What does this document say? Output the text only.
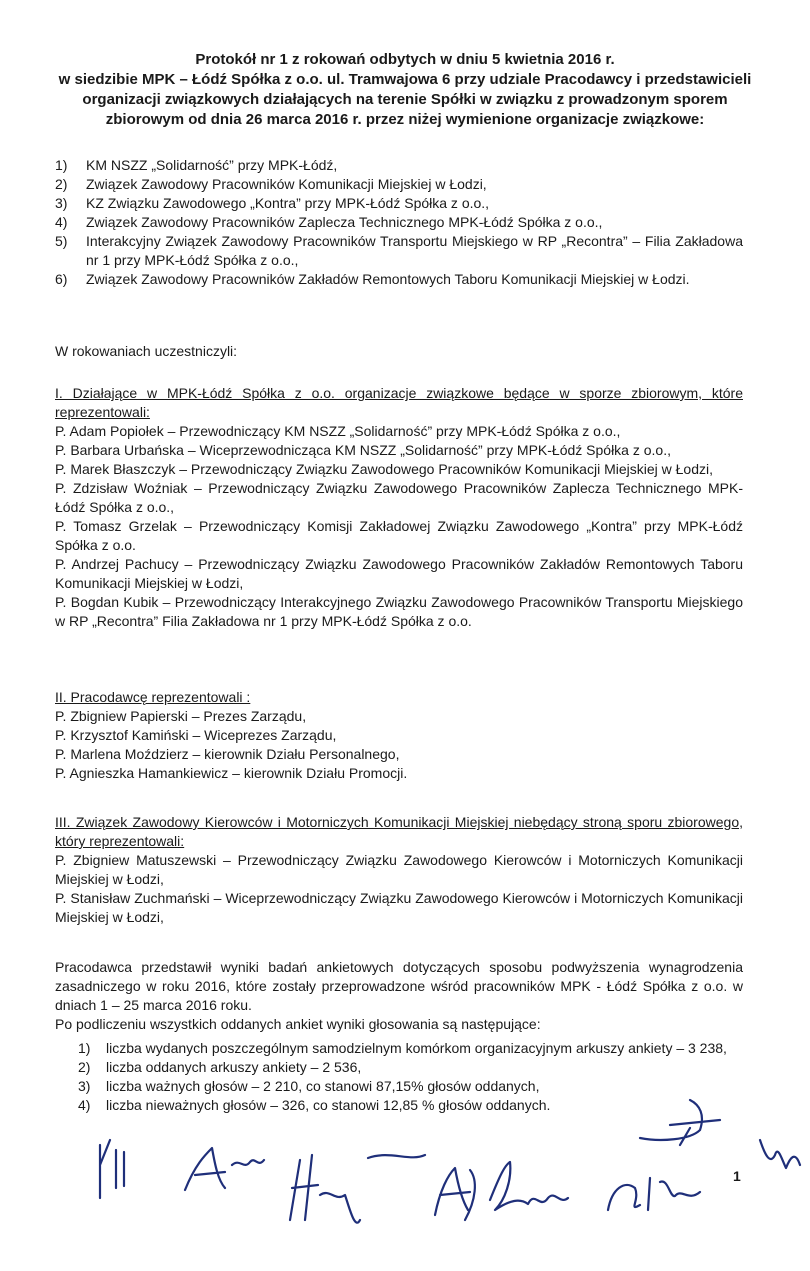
Protokół nr 1 z rokowań odbytych w dniu 5 kwietnia 2016 r.
w siedzibie MPK – Łódź Spółka z o.o. ul. Tramwajowa 6 przy udziale Pracodawcy i przedstawicieli
organizacji związkowych działających na terenie Spółki w związku z prowadzonym sporem
zbiorowym od dnia 26 marca 2016 r. przez niżej wymienione organizacje związkowe:
1)	KM NSZZ „Solidarność” przy MPK-Łódź,
2)	Związek Zawodowy Pracowników Komunikacji Miejskiej w Łodzi,
3)	KZ Związku Zawodowego „Kontra” przy MPK-Łódź Spółka z o.o.,
4)	Związek Zawodowy Pracowników Zaplecza Technicznego MPK-Łódź Spółka z o.o.,
5)	Interakcyjny Związek Zawodowy Pracowników Transportu Miejskiego w RP „Recontra” – Filia Zakładowa nr 1 przy MPK-Łódź Spółka z o.o.,
6)	Związek Zawodowy Pracowników Zakładów Remontowych Taboru Komunikacji Miejskiej w Łodzi.
W rokowaniach uczestniczyli:
I. Działające w MPK-Łódź Spółka z o.o. organizacje związkowe będące w sporze zbiorowym, które reprezentowali:
P. Adam Popiołek – Przewodniczący KM NSZZ „Solidarność” przy MPK-Łódź Spółka z o.o.,
P. Barbara Urbańska – Wiceprzewodnicząca KM NSZZ „Solidarność” przy MPK-Łódź Spółka z o.o.,
P. Marek Błaszczyk – Przewodniczący Związku Zawodowego Pracowników Komunikacji Miejskiej w Łodzi,
P. Zdzisław Woźniak – Przewodniczący Związku Zawodowego Pracowników Zaplecza Technicznego MPK-Łódź Spółka z o.o.,
P. Tomasz Grzelak – Przewodniczący Komisji Zakładowej Związku Zawodowego „Kontra” przy MPK-Łódź Spółka z o.o.
P. Andrzej Pachucy – Przewodniczący Związku Zawodowego Pracowników Zakładów Remontowych Taboru Komunikacji Miejskiej w Łodzi,
P. Bogdan Kubik – Przewodniczący Interakcyjnego Związku Zawodowego Pracowników Transportu Miejskiego w RP „Recontra” Filia Zakładowa nr 1 przy MPK-Łódź Spółka z o.o.
II. Pracodawcę reprezentowali :
P. Zbigniew Papierski – Prezes Zarządu,
P. Krzysztof Kamiński – Wiceprezes Zarządu,
P. Marlena Moździerz – kierownik Działu Personalnego,
P. Agnieszka Hamankiewicz – kierownik Działu Promocji.
III. Związek Zawodowy Kierowców i Motorniczych Komunikacji Miejskiej niebędący stroną sporu zbiorowego, który reprezentowali:
P. Zbigniew Matuszewski – Przewodniczący Związku Zawodowego Kierowców i Motorniczych Komunikacji Miejskiej w Łodzi,
P. Stanisław Zuchmański – Wiceprzewodniczący Związku Zawodowego Kierowców i Motorniczych Komunikacji Miejskiej w Łodzi,
Pracodawca przedstawił wyniki badań ankietowych dotyczących sposobu podwyższenia wynagrodzenia zasadniczego w roku 2016, które zostały przeprowadzone wśród pracowników MPK - Łódź Spółka z o.o. w dniach 1 – 25 marca 2016 roku.
Po podliczeniu wszystkich oddanych ankiet wyniki głosowania są następujące:
1)	liczba wydanych poszczególnym samodzielnym komórkom organizacyjnym arkuszy ankiety – 3 238,
2)	liczba oddanych arkuszy ankiety – 2 536,
3)	liczba ważnych głosów – 2 210, co stanowi 87,15% głosów oddanych,
4)	liczba nieważnych głosów – 326, co stanowi 12,85 % głosów oddanych.
1
